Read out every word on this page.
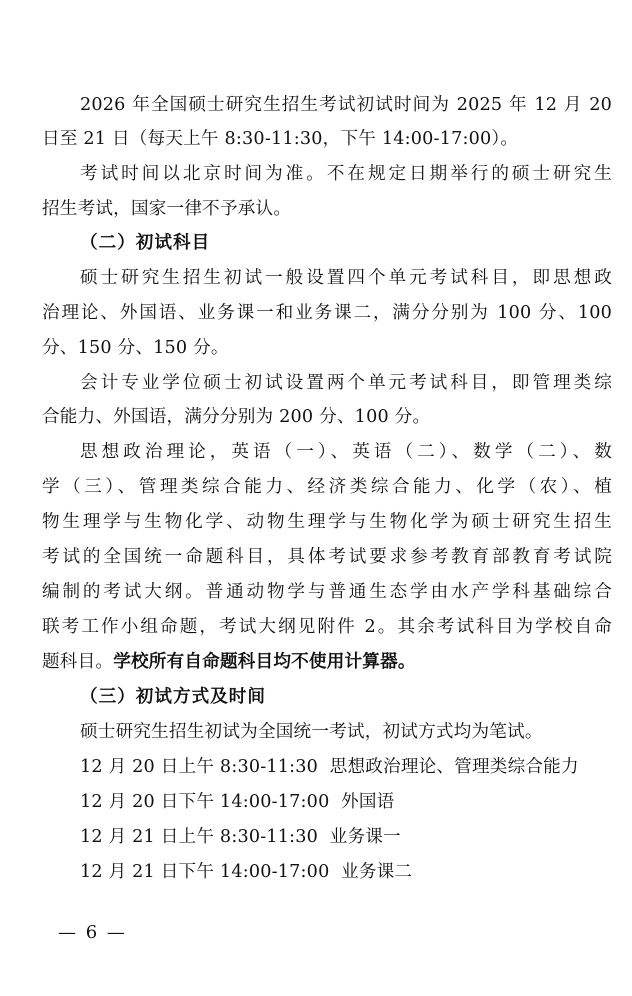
2026 年全国硕士研究生招生考试初试时间为 2025 年 12 月 20
日至 21 日（每天上午 8:30-11:30，下午 14:00-17:00）。
考试时间以北京时间为准。不在规定日期举行的硕士研究生
招生考试，国家一律不予承认。
（二）初试科目
硕士研究生招生初试一般设置四个单元考试科目，即思想政
治理论、外国语、业务课一和业务课二，满分分别为 100 分、100
分、150 分、150 分。
会计专业学位硕士初试设置两个单元考试科目，即管理类综
合能力、外国语，满分分别为 200 分、100 分。
思想政治理论，英语（一）、英语（二）、数学（二）、数
学（三）、管理类综合能力、经济类综合能力、化学（农）、植
物生理学与生物化学、动物生理学与生物化学为硕士研究生招生
考试的全国统一命题科目，具体考试要求参考教育部教育考试院
编制的考试大纲。普通动物学与普通生态学由水产学科基础综合
联考工作小组命题，考试大纲见附件 2。其余考试科目为学校自命
题科目。学校所有自命题科目均不使用计算器。
（三）初试方式及时间
硕士研究生招生初试为全国统一考试，初试方式均为笔试。
12 月 20 日上午 8:30-11:30  思想政治理论、管理类综合能力
12 月 20 日下午 14:00-17:00  外国语
12 月 21 日上午 8:30-11:30  业务课一
12 月 21 日下午 14:00-17:00  业务课二
— 6 —
